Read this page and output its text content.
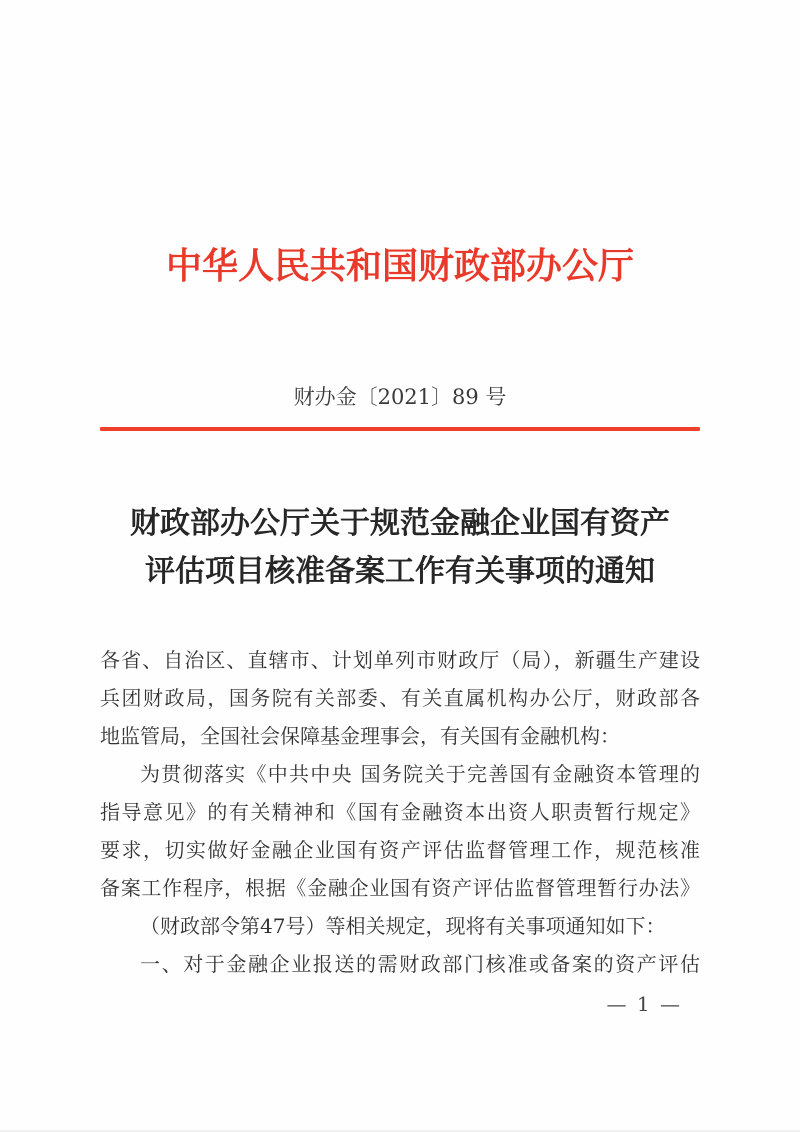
中华人民共和国财政部办公厅
财办金〔2021〕89 号
财政部办公厅关于规范金融企业国有资产
评估项目核准备案工作有关事项的通知
各省、自治区、直辖市、计划单列市财政厅（局），新疆生产建设
兵团财政局，国务院有关部委、有关直属机构办公厅，财政部各
地监管局，全国社会保障基金理事会，有关国有金融机构：
为贯彻落实《中共中央 国务院关于完善国有金融资本管理的
指导意见》的有关精神和《国有金融资本出资人职责暂行规定》
要求，切实做好金融企业国有资产评估监督管理工作，规范核准
备案工作程序，根据《金融企业国有资产评估监督管理暂行办法》
（财政部令第47号）等相关规定，现将有关事项通知如下：
一、对于金融企业报送的需财政部门核准或备案的资产评估
— 1 —
